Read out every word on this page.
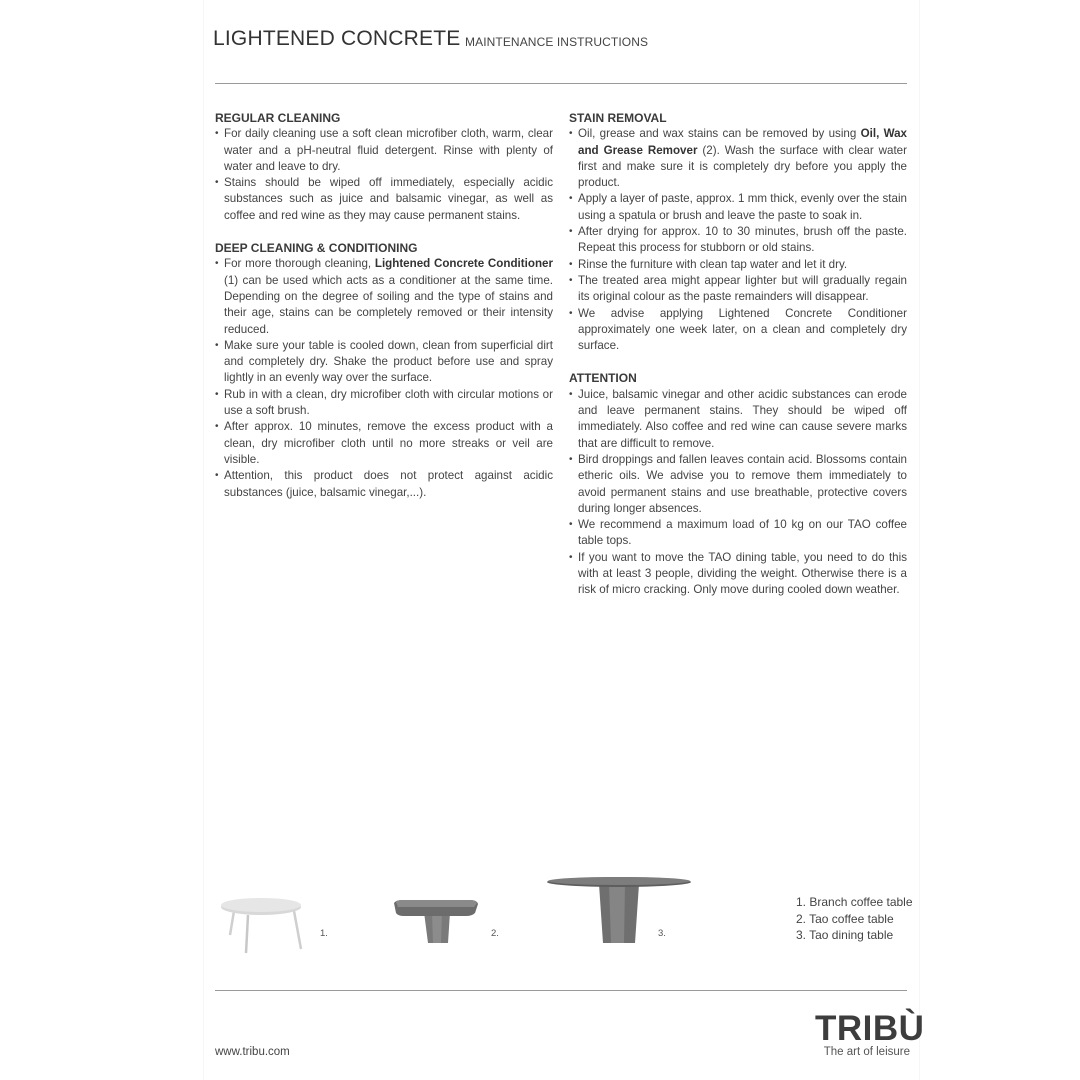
LIGHTENED CONCRETE MAINTENANCE INSTRUCTIONS
REGULAR CLEANING
• For daily cleaning use a soft clean microfiber cloth, warm, clear water and a pH-neutral fluid detergent. Rinse with plenty of water and leave to dry.
• Stains should be wiped off immediately, especially acidic substances such as juice and balsamic vinegar, as well as coffee and red wine as they may cause permanent stains.
DEEP CLEANING & CONDITIONING
• For more thorough cleaning, Lightened Concrete Conditioner (1) can be used which acts as a conditioner at the same time. Depending on the degree of soiling and the type of stains and their age, stains can be completely removed or their intensity reduced.
• Make sure your table is cooled down, clean from superficial dirt and completely dry. Shake the product before use and spray lightly in an evenly way over the surface.
• Rub in with a clean, dry microfiber cloth with circular motions or use a soft brush.
• After approx. 10 minutes, remove the excess product with a clean, dry microfiber cloth until no more streaks or veil are visible.
• Attention, this product does not protect against acidic substances (juice, balsamic vinegar,...).
STAIN REMOVAL
• Oil, grease and wax stains can be removed by using Oil, Wax and Grease Remover (2). Wash the surface with clear water first and make sure it is completely dry before you apply the product.
• Apply a layer of paste, approx. 1 mm thick, evenly over the stain using a spatula or brush and leave the paste to soak in.
• After drying for approx. 10 to 30 minutes, brush off the paste. Repeat this process for stubborn or old stains.
• Rinse the furniture with clean tap water and let it dry.
• The treated area might appear lighter but will gradually regain its original colour as the paste remainders will disappear.
• We advise applying Lightened Concrete Conditioner approximately one week later, on a clean and completely dry surface.
ATTENTION
• Juice, balsamic vinegar and other acidic substances can erode and leave permanent stains. They should be wiped off immediately. Also coffee and red wine can cause severe marks that are difficult to remove.
• Bird droppings and fallen leaves contain acid. Blossoms contain etheric oils. We advise you to remove them immediately to avoid permanent stains and use breathable, protective covers during longer absences.
• We recommend a maximum load of 10 kg on our TAO coffee table tops.
• If you want to move the TAO dining table, you need to do this with at least 3 people, dividing the weight. Otherwise there is a risk of micro cracking. Only move during cooled down weather.
1.	2.	3.
1. Branch coffee table
2. Tao coffee table
3. Tao dining table
www.tribu.com
TRIBÙ
The art of leisure
